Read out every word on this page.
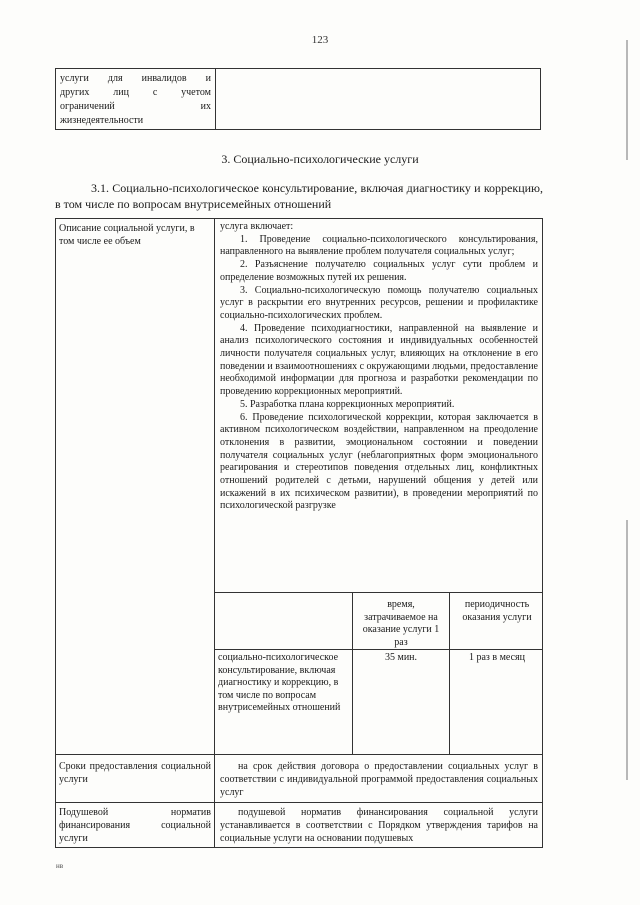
123
услуги для инвалидов и
других лиц с учетом
ограничений их
жизнедеятельности
3. Социально-психологические услуги
3.1. Социально-психологическое консультирование, включая диагностику и коррекцию, в том числе по вопросам внутрисемейных отношений
Описание социальной услуги, в том числе ее объем

услуга включает:

1. Проведение социально-психологического консультирования, направленного на выявление проблем получателя социальных услуг;

2. Разъяснение получателю социальных услуг сути проблем и определение возможных путей их решения.

3. Социально-психологическую помощь получателю социальных услуг в раскрытии его внутренних ресурсов, решении и профилактике социально-психологических проблем.

4. Проведение психодиагностики, направленной на выявление и анализ психологического состояния и индивидуальных особенностей личности получателя социальных услуг, влияющих на отклонение в его поведении и взаимоотношениях с окружающими людьми, предоставление необходимой информации для прогноза и разработки рекомендации по проведению коррекционных мероприятий.

5. Разработка плана коррекционных мероприятий.

6. Проведение психологической коррекции, которая заключается в активном психологическом воздействии, направленном на преодоление отклонения в развитии, эмоциональном состоянии и поведении получателя социальных услуг (неблагоприятных форм эмоционального реагирования и стереотипов поведения отдельных лиц, конфликтных отношений родителей с детьми, нарушений общения у детей или искажений в их психическом развитии), в проведении мероприятий по психологической разгрузке

время, затрачиваемое на оказание услуги 1 раз
периодичность оказания услуги
социально-психологическое консультирование, включая диагностику и коррекцию, в том числе по вопросам внутрисемейных отношений
35 мин.	1 раз в месяц
Сроки предоставления социальной услуги
на срок действия договора о предоставлении социальных услуг в соответствии с индивидуальной программой предоставления социальных услуг
Подушевой норматив финансирования социальной услуги
подушевой норматив финансирования социальной услуги устанавливается в соответствии с Порядком утверждения тарифов на социальные услуги на основании подушевых
нв
